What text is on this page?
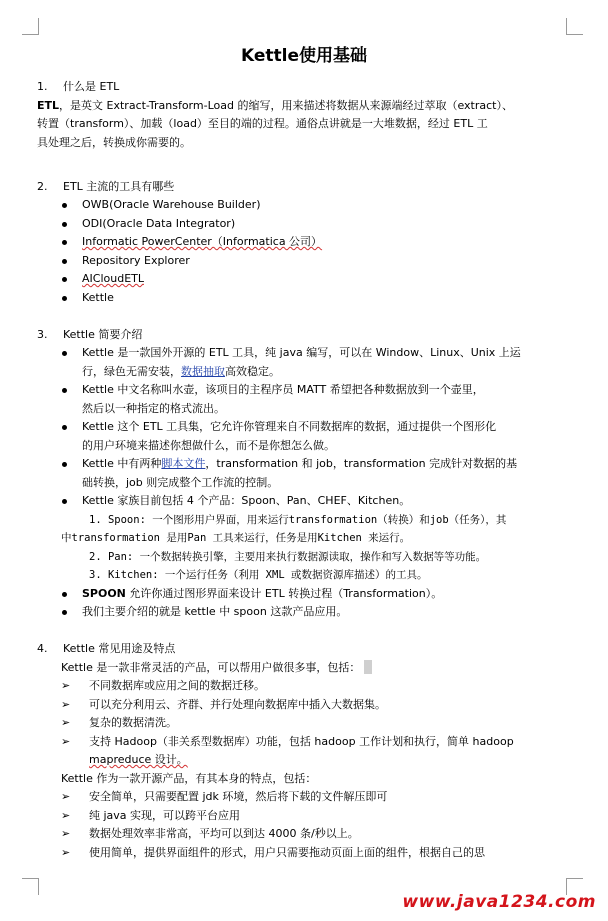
Kettle使用基础
1. 什么是 ETL
ETL，是英文 Extract-Transform-Load 的缩写，用来描述将数据从来源端经过萃取（extract）、
转置（transform）、加载（load）至目的端的过程。通俗点讲就是一大堆数据，经过 ETL 工
具处理之后，转换成你需要的。
2. ETL 主流的工具有哪些
OWB(Oracle Warehouse Builder)
ODI(Oracle Data Integrator)
Informatic PowerCenter（Informatica 公司）
Repository Explorer
AICloudETL
Kettle
3. Kettle 简要介绍
Kettle 是一款国外开源的 ETL 工具，纯 java 编写，可以在 Window、Linux、Unix 上运
行，绿色无需安装，数据抽取高效稳定。
Kettle 中文名称叫水壶，该项目的主程序员 MATT 希望把各种数据放到一个壶里，
然后以一种指定的格式流出。
Kettle 这个 ETL 工具集，它允许你管理来自不同数据库的数据，通过提供一个图形化
的用户环境来描述你想做什么，而不是你想怎么做。
Kettle 中有两种脚本文件，transformation 和 job，transformation 完成针对数据的基
础转换，job 则完成整个工作流的控制。
Kettle 家族目前包括 4 个产品：Spoon、Pan、CHEF、Kitchen。
1. Spoon: 一个图形用户界面，用来运行transformation（转换）和job（任务），其
中transformation 是用Pan 工具来运行，任务是用Kitchen 来运行。
2. Pan: 一个数据转换引擎，主要用来执行数据源读取，操作和写入数据等等功能。
3. Kitchen: 一个运行任务（利用 XML 或数据资源库描述）的工具。
SPOON 允许你通过图形界面来设计 ETL 转换过程（Transformation）。
我们主要介绍的就是 kettle 中 spoon 这款产品应用。
4. Kettle 常见用途及特点
Kettle 是一款非常灵活的产品，可以帮用户做很多事，包括：
➢ 不同数据库或应用之间的数据迁移。
➢ 可以充分利用云、齐群、并行处理向数据库中插入大数据集。
➢ 复杂的数据清洗。
➢ 支持 Hadoop（非关系型数据库）功能，包括 hadoop 工作计划和执行，简单 hadoop
mapreduce 设计。
Kettle 作为一款开源产品，有其本身的特点，包括：
➢ 安全简单，只需要配置 jdk 环境，然后将下载的文件解压即可
➢ 纯 java 实现，可以跨平台应用
➢ 数据处理效率非常高，平均可以到达 4000 条/秒以上。
➢ 使用简单，提供界面组件的形式，用户只需要拖动页面上面的组件，根据自己的思
www.java1234.com
